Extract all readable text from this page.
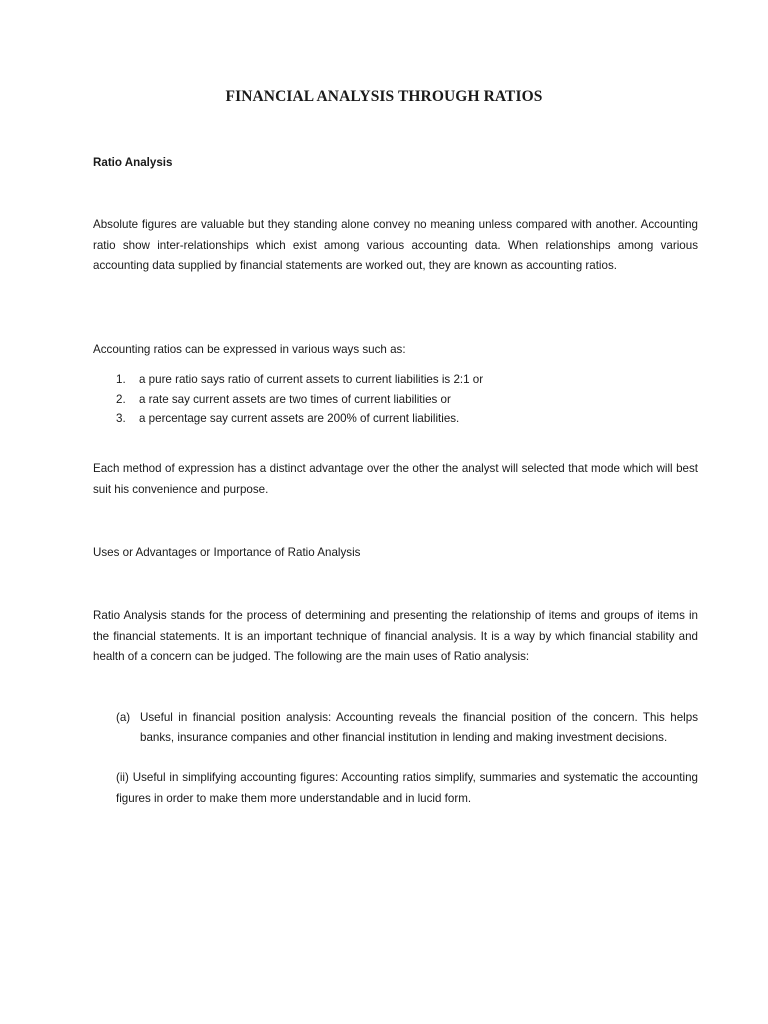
FINANCIAL ANALYSIS THROUGH RATIOS
Ratio Analysis

Absolute figures are valuable but they standing alone convey no meaning unless compared with another. Accounting ratio show inter-relationships which exist among various accounting data. When relationships among various accounting data supplied by financial statements are worked out, they are known as accounting ratios.

Accounting ratios can be expressed in various ways such as:

1. a pure ratio says ratio of current assets to current liabilities is 2:1 or
2. a rate say current assets are two times of current liabilities or
3. a percentage say current assets are 200% of current liabilities.

Each method of expression has a distinct advantage over the other the analyst will selected that mode which will best suit his convenience and purpose.

Uses or Advantages or Importance of Ratio Analysis

Ratio Analysis stands for the process of determining and presenting the relationship of items and groups of items in the financial statements. It is an important technique of financial analysis. It is a way by which financial stability and health of a concern can be judged. The following are the main uses of Ratio analysis:

(a) Useful in financial position analysis: Accounting reveals the financial position of the concern. This helps banks, insurance companies and other financial institution in lending and making investment decisions.
(ii) Useful in simplifying accounting figures: Accounting ratios simplify, summaries and systematic the accounting figures in order to make them more understandable and in lucid form.
